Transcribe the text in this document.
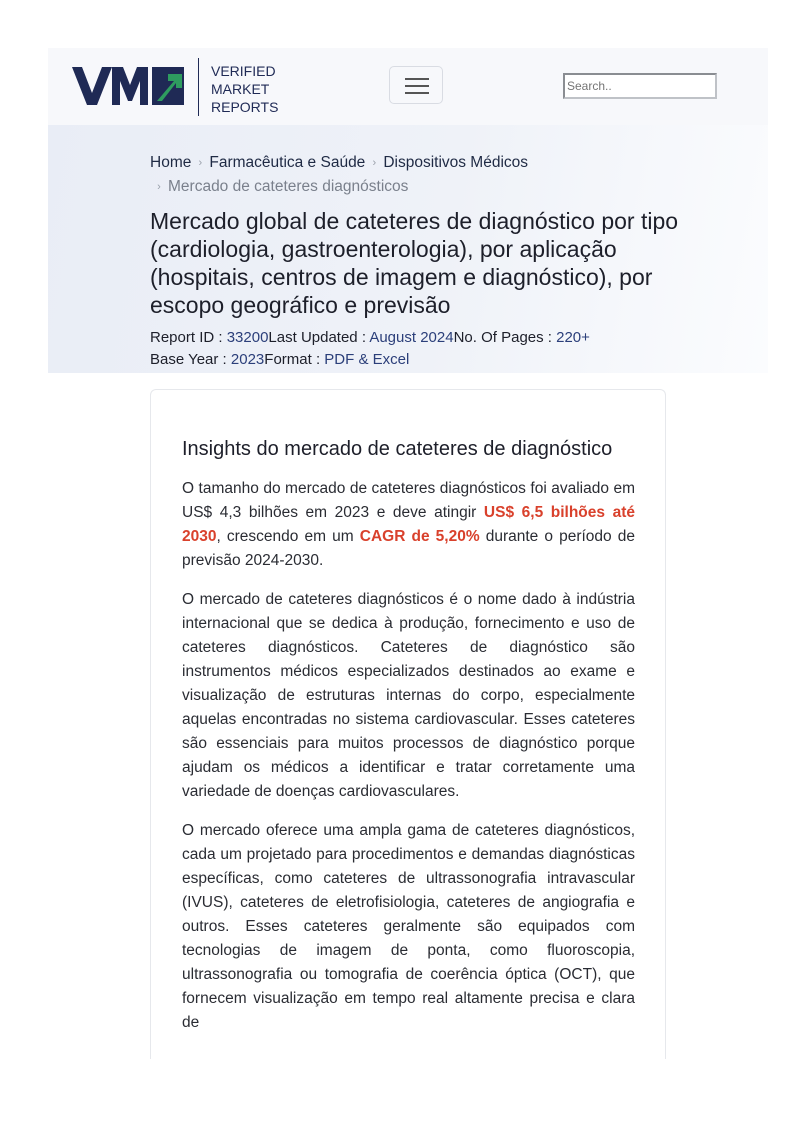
VERIFIED
MARKET
REPORTS
Search..
Home › Farmacêutica e Saúde › Dispositivos Médicos
› Mercado de cateteres diagnósticos
Mercado global de cateteres de diagnóstico por tipo (cardiologia, gastroenterologia), por aplicação (hospitais, centros de imagem e diagnóstico), por escopo geográfico e previsão
Report ID : 33200Last Updated : August 2024No. Of Pages : 220+
Base Year : 2023Format : PDF & Excel
Insights do mercado de cateteres de diagnóstico

O tamanho do mercado de cateteres diagnósticos foi avaliado em US$ 4,3 bilhões em 2023 e deve atingir US$ 6,5 bilhões até 2030, crescendo em um CAGR de 5,20% durante o período de previsão 2024-2030.

O mercado de cateteres diagnósticos é o nome dado à indústria internacional que se dedica à produção, fornecimento e uso de cateteres diagnósticos. Cateteres de diagnóstico são instrumentos médicos especializados destinados ao exame e visualização de estruturas internas do corpo, especialmente aquelas encontradas no sistema cardiovascular. Esses cateteres são essenciais para muitos processos de diagnóstico porque ajudam os médicos a identificar e tratar corretamente uma variedade de doenças cardiovasculares.

O mercado oferece uma ampla gama de cateteres diagnósticos, cada um projetado para procedimentos e demandas diagnósticas específicas, como cateteres de ultrassonografia intravascular (IVUS), cateteres de eletrofisiologia, cateteres de angiografia e outros. Esses cateteres geralmente são equipados com tecnologias de imagem de ponta, como fluoroscopia, ultrassonografia ou tomografia de coerência óptica (OCT), que fornecem visualização em tempo real altamente precisa e clara de
